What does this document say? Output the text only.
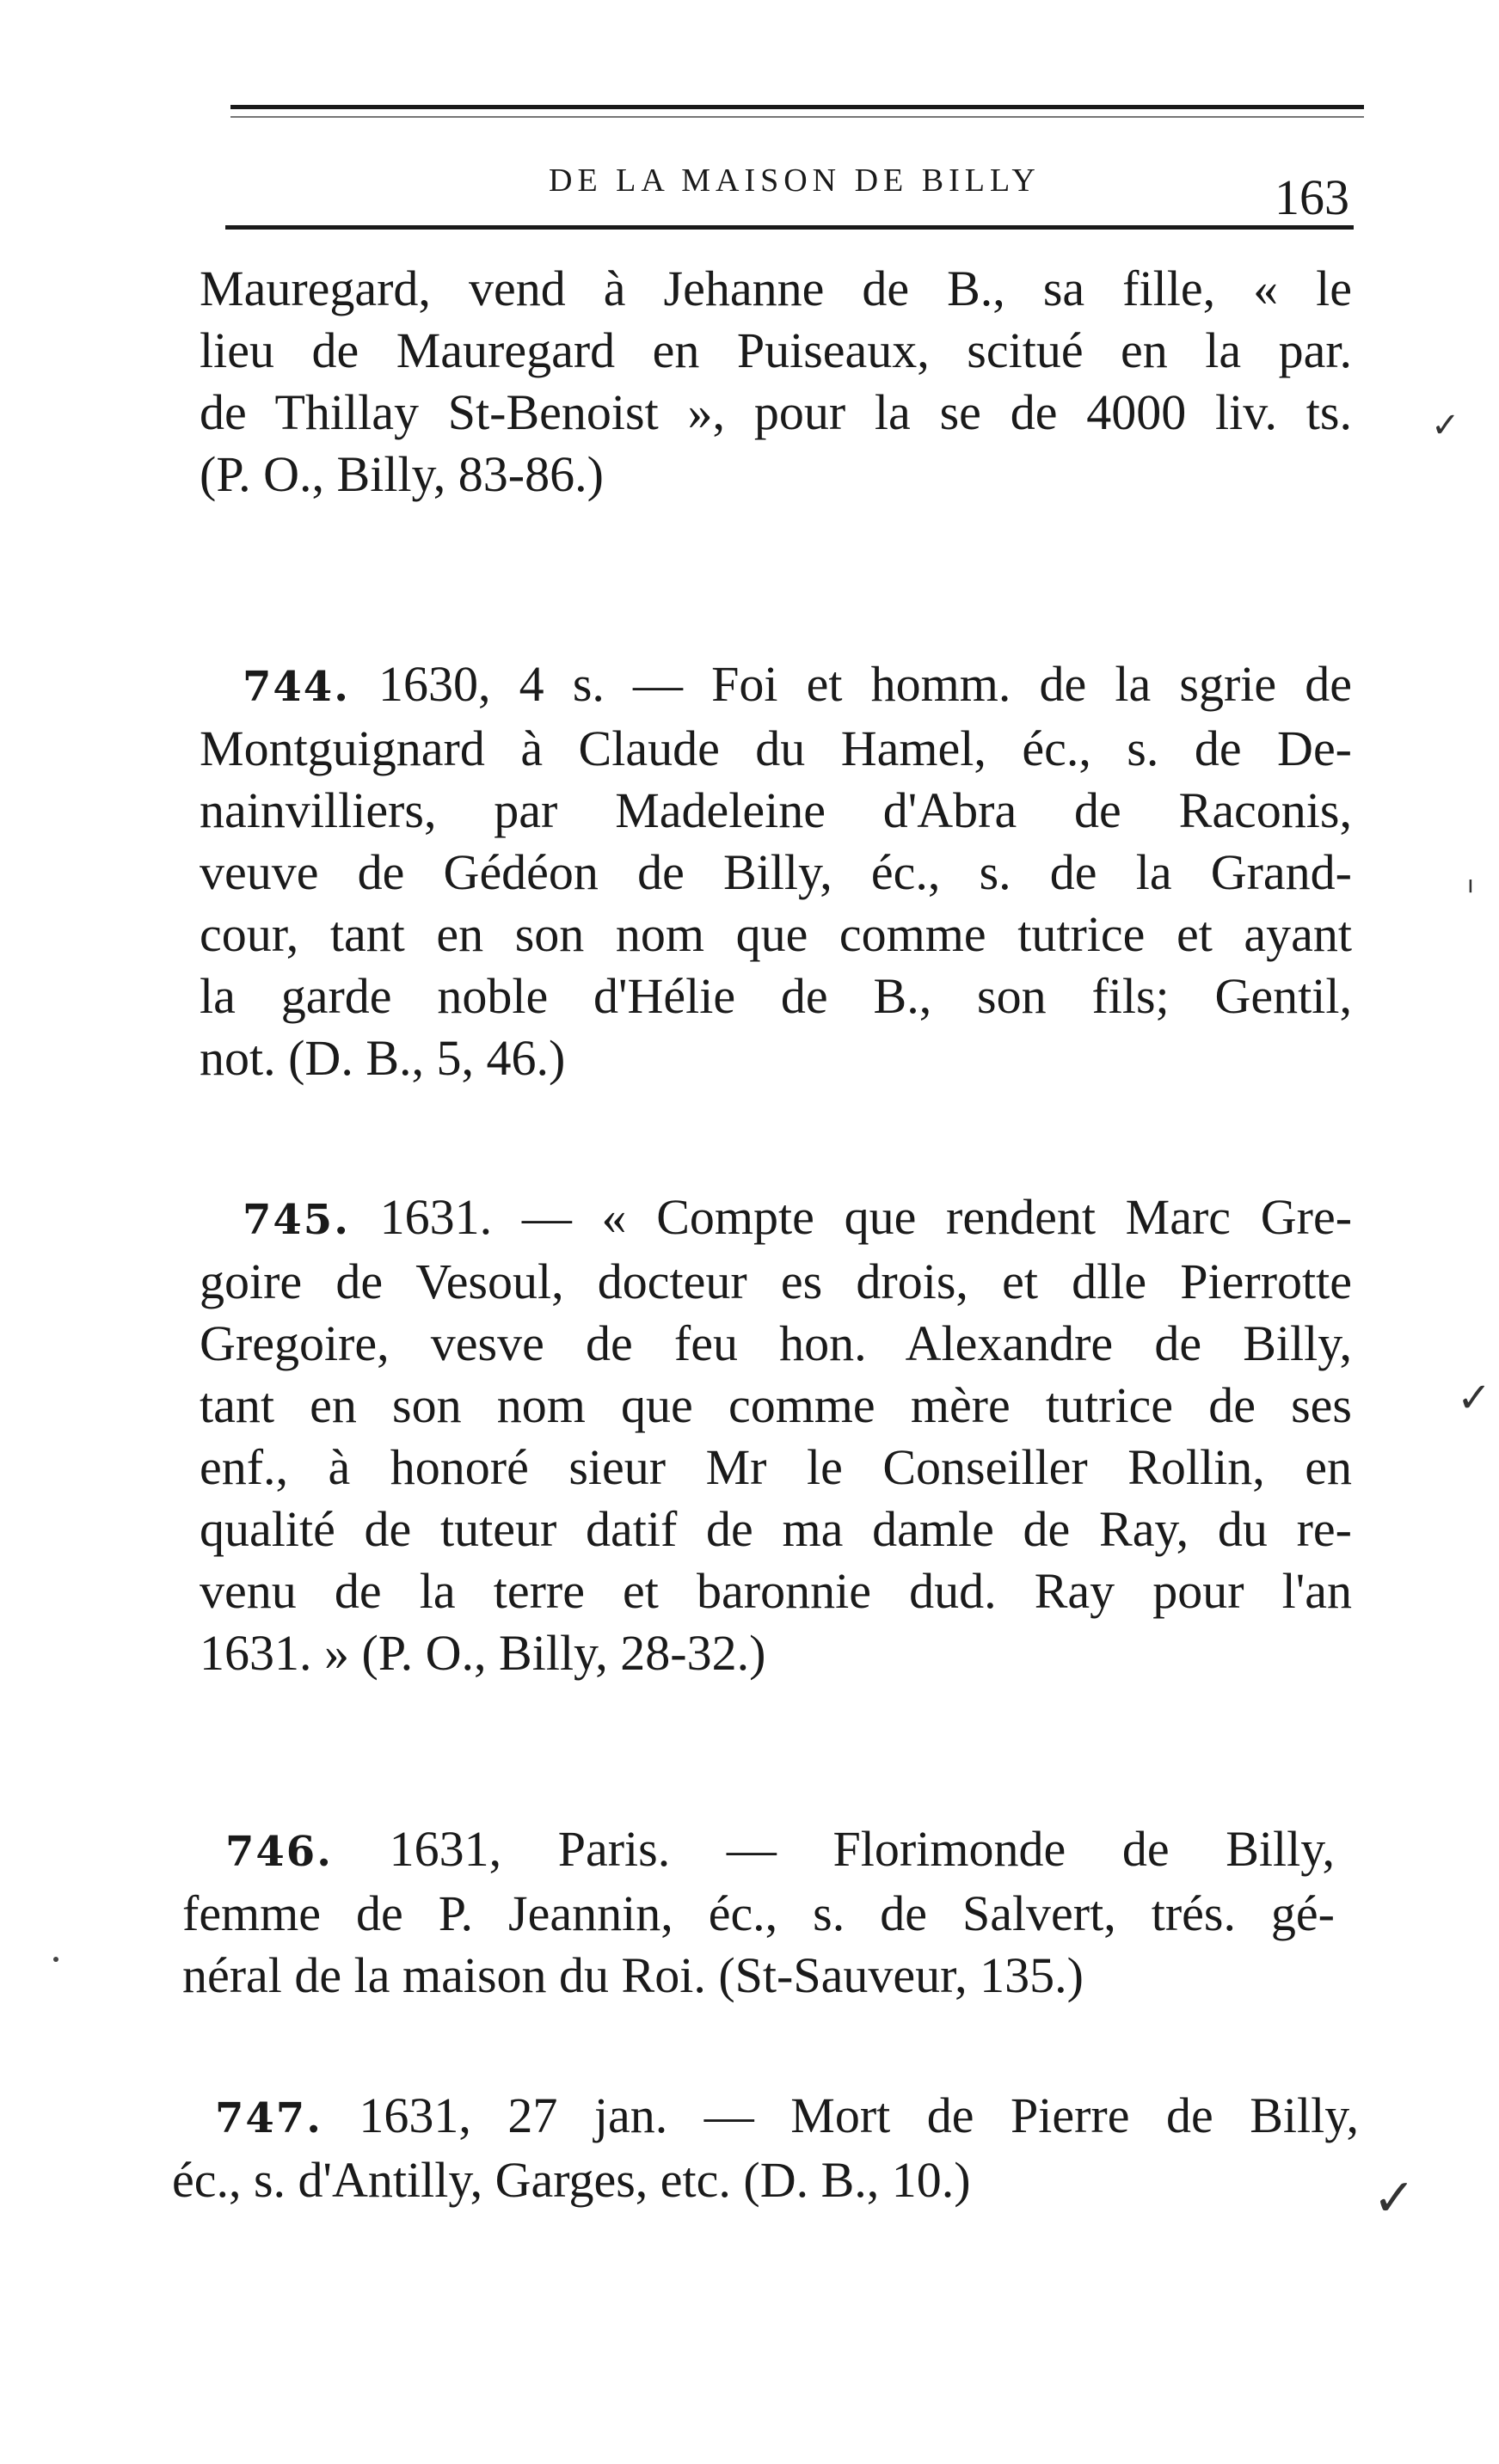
DE LA MAISON DE BILLY	163
Mauregard, vend à Jehanne de B., sa fille, « le
lieu de Mauregard en Puiseaux, scitué en la par.
de Thillay St-Benoist », pour la se de 4000 liv. ts.
(P. O., Billy, 83-86.)
744. 1630, 4 s. — Foi et homm. de la sgrie de
Montguignard à Claude du Hamel, éc., s. de De-
nainvilliers, par Madeleine d'Abra de Raconis,
veuve de Gédéon de Billy, éc., s. de la Grand-
cour, tant en son nom que comme tutrice et ayant
la garde noble d'Hélie de B., son fils; Gentil,
not. (D. B., 5, 46.)
745. 1631. — « Compte que rendent Marc Gre-
goire de Vesoul, docteur es drois, et dlle Pierrotte
Gregoire, vesve de feu hon. Alexandre de Billy,
tant en son nom que comme mère tutrice de ses
enf., à honoré sieur Mr le Conseiller Rollin, en
qualité de tuteur datif de ma damle de Ray, du re-
venu de la terre et baronnie dud. Ray pour l'an
1631. » (P. O., Billy, 28-32.)
746. 1631, Paris. — Florimonde de Billy,
femme de P. Jeannin, éc., s. de Salvert, trés. gé-
néral de la maison du Roi. (St-Sauveur, 135.)
747. 1631, 27 jan. — Mort de Pierre de Billy,
éc., s. d'Antilly, Garges, etc. (D. B., 10.)
✓
ı
✓
✓
